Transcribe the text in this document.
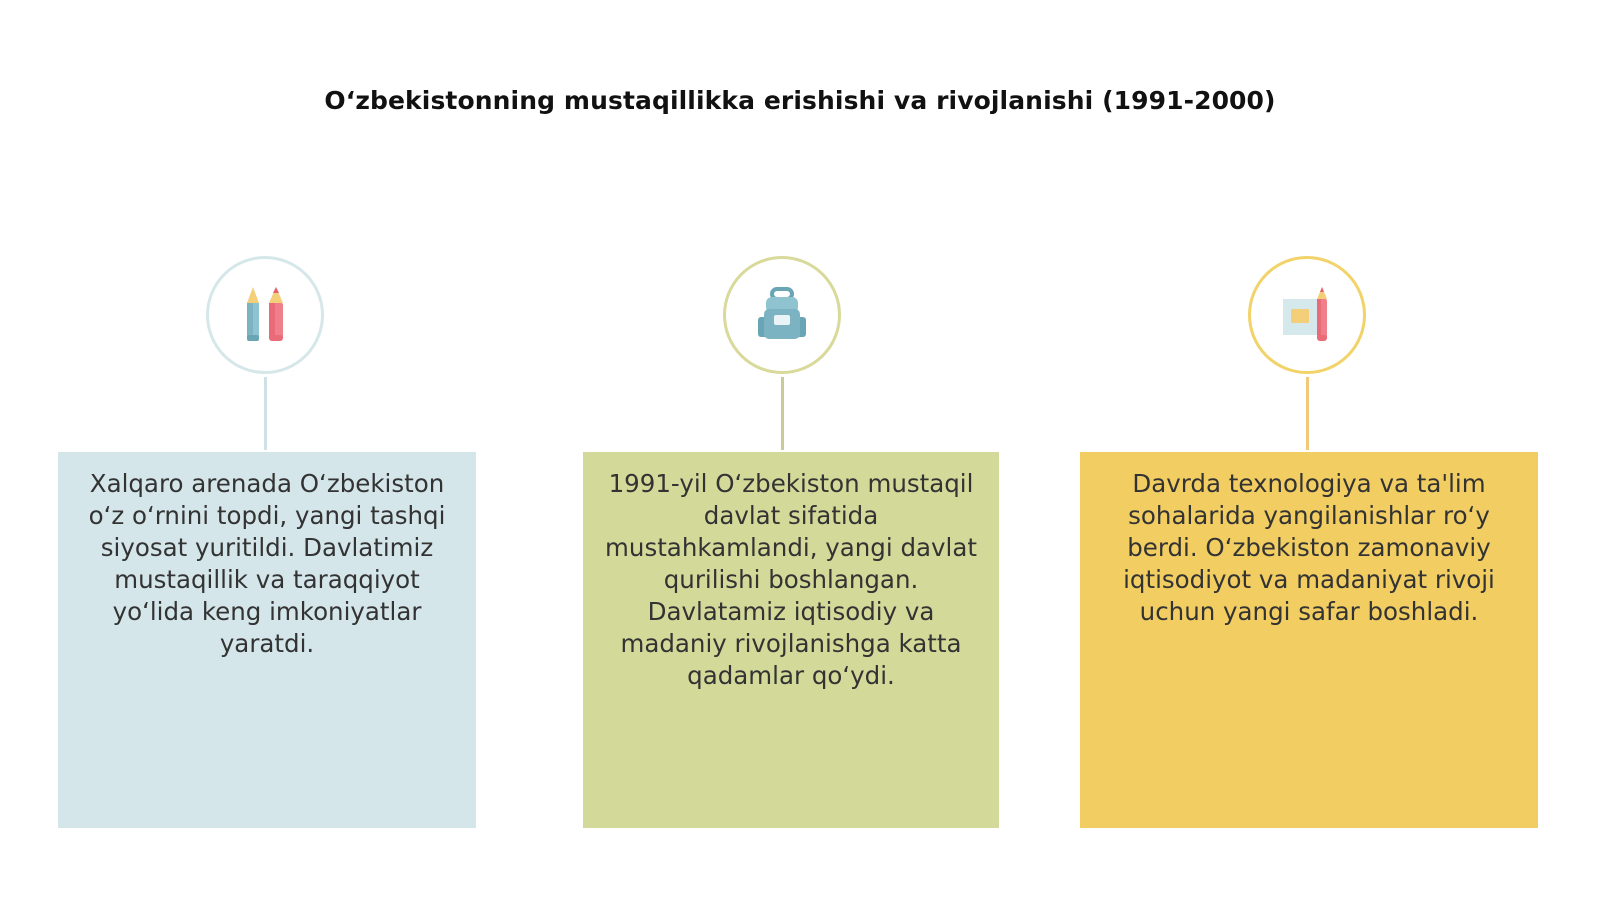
O‘zbekistonning mustaqillikka erishishi va rivojlanishi (1991-2000)
Xalqaro arenada O‘zbekiston o‘z o‘rnini topdi, yangi tashqi siyosat yuritildi. Davlatimiz mustaqillik va taraqqiyot yo‘lida keng imkoniyatlar yaratdi.
1991-yil O‘zbekiston mustaqil davlat sifatida mustahkamlandi, yangi davlat qurilishi boshlangan. Davlatamiz iqtisodiy va madaniy rivojlanishga katta qadamlar qo‘ydi.
Davrda texnologiya va ta'lim sohalarida yangilanishlar ro‘y berdi. O‘zbekiston zamonaviy iqtisodiyot va madaniyat rivoji uchun yangi safar boshladi.
